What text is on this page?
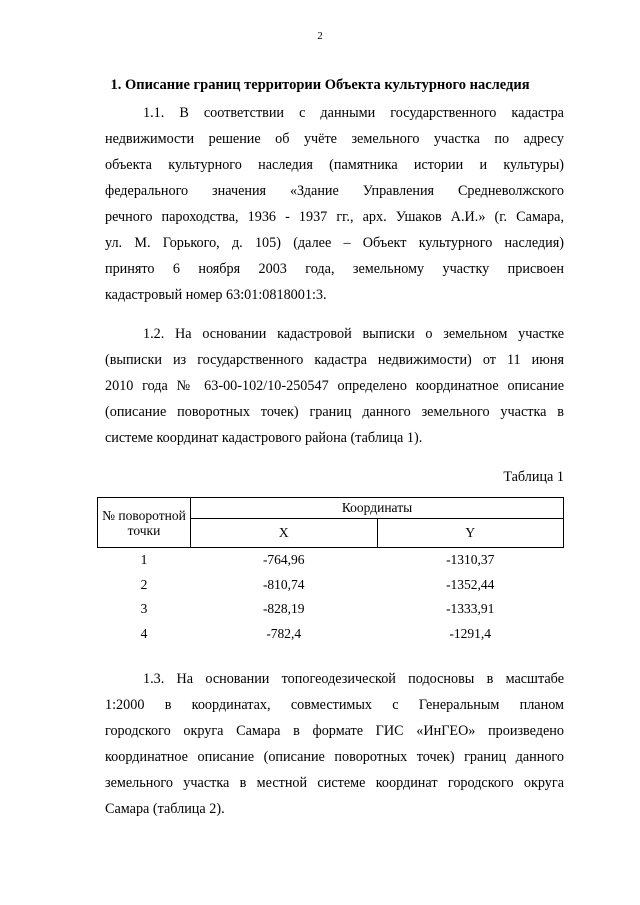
2
1. Описание границ территории Объекта культурного наследия
1.1. В соответствии с данными государственного кадастра
недвижимости решение об учёте земельного участка по адресу
объекта культурного наследия (памятника истории и культуры)
федерального значения «Здание Управления Средневолжского
речного пароходства, 1936 - 1937 гг., арх. Ушаков А.И.» (г. Самара,
ул. М. Горького, д. 105) (далее – Объект культурного наследия)
принято 6 ноября 2003 года, земельному участку присвоен
кадастровый номер 63:01:0818001:3.
1.2. На основании кадастровой выписки о земельном участке
(выписки из государственного кадастра недвижимости) от 11 июня
2010 года № 63-00-102/10-250547 определено координатное описание
(описание поворотных точек) границ данного земельного участка в
системе координат кадастрового района (таблица 1).
Таблица 1
№ поворотной точки	Координаты	
	X	Y
1	-764,96	-1310,37
2	-810,74	-1352,44
3	-828,19	-1333,91
4	-782,4	-1291,4
1.3. На основании топогеодезической подосновы в масштабе
1:2000 в координатах, совместимых с Генеральным планом
городского округа Самара в формате ГИС «ИнГЕО» произведено
координатное описание (описание поворотных точек) границ данного
земельного участка в местной системе координат городского округа
Самара (таблица 2).
